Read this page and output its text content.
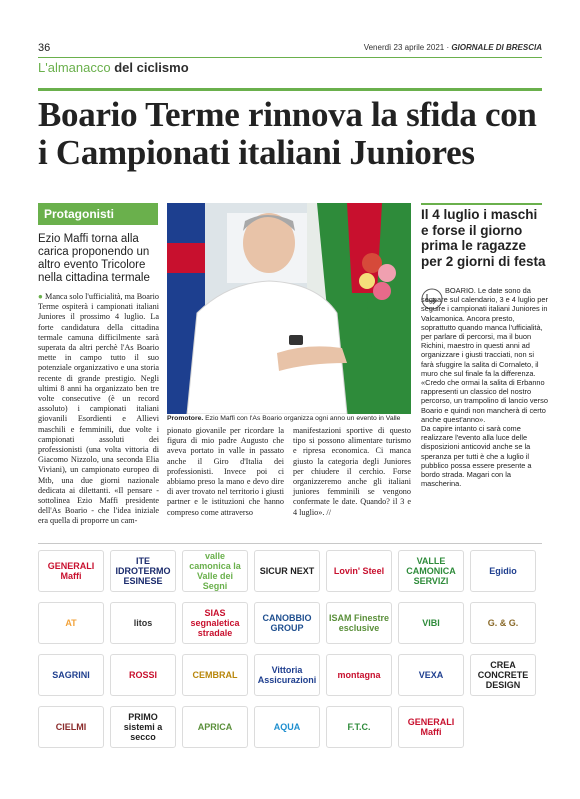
36	Venerdì 23 aprile 2021 · GIORNALE DI BRESCIA
L'almanacco del ciclismo
Boario Terme rinnova la sfida con i Campionati italiani Juniores
Protagonisti
Ezio Maffi torna alla carica proponendo un altro evento Tricolore nella cittadina termale
● Manca solo l'ufficialità, ma Boario Terme ospiterà i campionati italiani Juniores il prossimo 4 luglio. La forte candidatura della cittadina termale camuna difficilmente sarà superata da altri perchè l'As Boario mette in campo tutto il suo potenziale organizzativo e una storia recente di grande prestigio. Negli ultimi 8 anni ha organizzato ben tre volte consecutive (è un record assoluto) i campionati italiani giovanili Esordienti e Allievi maschili e femminili, due volte i campionati assoluti dei professionisti (una volta vittoria di Giacomo Nizzolo, una seconda Elia Viviani), un campionato europeo di Mtb, una due giorni nazionale dedicata ai dilettanti. «Il pensare - sottolinea Ezio Maffi presidente dell'As Boario - che l'idea iniziale era quella di proporre un cam-
Promotore. Ezio Maffi con l'As Boario organizza ogni anno un evento in Valle
pionato giovanile per ricordare la figura di mio padre Augusto che aveva portato in valle in passato anche il Giro d'Italia dei professionisti. Invece poi ci abbiamo preso la mano e devo dire di aver trovato nel territorio i giusti partner e le istituzioni che hanno compreso come attraverso
manifestazioni sportive di questo tipo si possono alimentare turismo e ripresa economica. Ci manca giusto la categoria degli Juniores per chiudere il cerchio. Forse organizzeremo anche gli italiani juniores femminili se vengono confermate le date. Quando? il 3 e 4 luglio». //
Il 4 luglio i maschi e forse il giorno prima le ragazze per 2 giorni di festa

BOARIO. Le date sono da segnare sul calendario, 3 e 4 luglio per seguire i campionati italiani Juniores in Valcamonica. Ancora presto, soprattutto quando manca l'ufficialità, per parlare di percorsi, ma il buon Richini, maestro in questi anni ad organizzare i giusti tracciati, non si farà sfuggire la salita di Cornaleto, il muro che sul finale fa la differenza. «Credo che ormai la salita di Erbanno rappresenti un classico del nostro percorso, un trampolino di lancio verso Boario e quindi non mancherà di certo anche quest'anno».

Da capire intanto ci sarà come realizzare l'evento alla luce delle disposizioni anticovid anche se la speranza per tutti è che a luglio il pubblico possa essere presente a bordo strada. Magari con la mascherina.

GENERALI Maffi
ITE IDROTERMO ESINESE
valle camonica la Valle dei Segni
SICUR NEXT	Lovin' Steel
VALLE CAMONICA SERVIZI
Egidio
AT	litos
SIAS segnaletica stradale
CANOBBIO GROUP
ISAM Finestre esclusive	VIBI	G. & G.
SAGRINI	ROSSI	CEMBRAL	Vittoria Assicurazioni	montagna	VEXA
CREA CONCRETE DESIGN
CIELMI
PRIMO sistemi a secco
APRICA	AQUA	F.T.C.	GENERALI Maffi
